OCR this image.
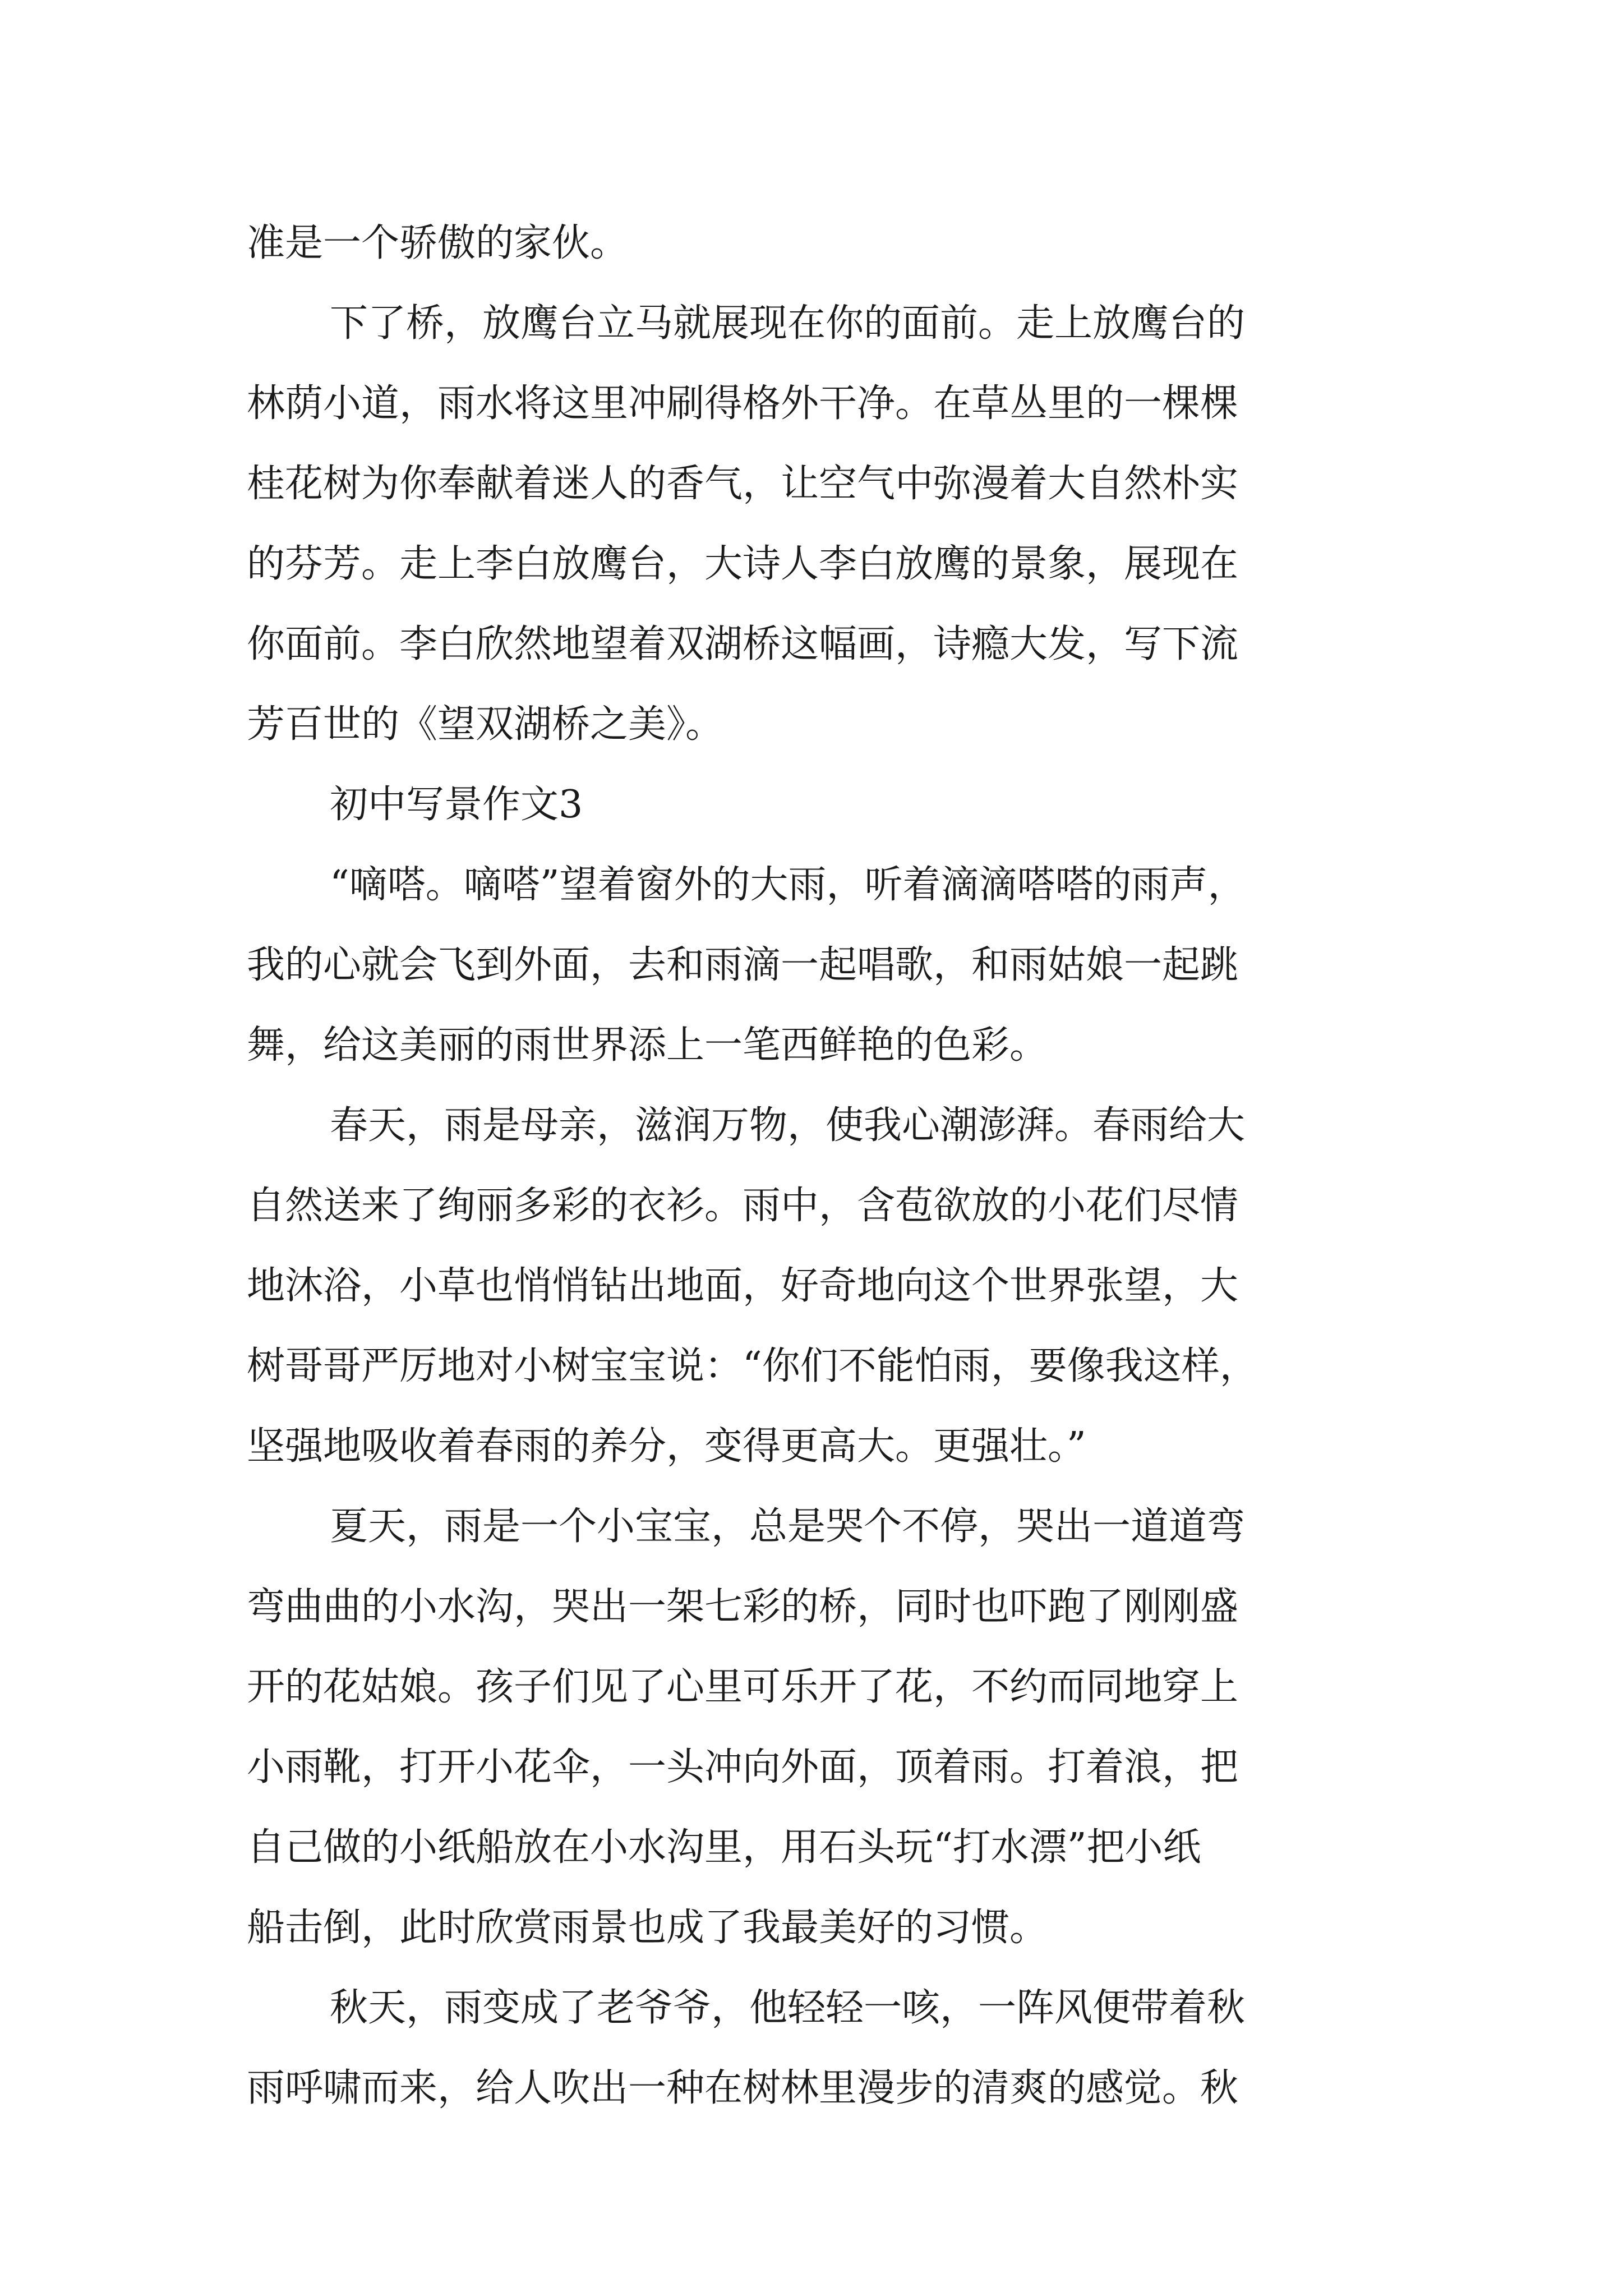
准是一个骄傲的家伙。
下了桥，放鹰台立马就展现在你的面前。走上放鹰台的
林荫小道，雨水将这里冲刷得格外干净。在草丛里的一棵棵
桂花树为你奉献着迷人的香气，让空气中弥漫着大自然朴实
的芬芳。走上李白放鹰台，大诗人李白放鹰的景象，展现在
你面前。李白欣然地望着双湖桥这幅画，诗瘾大发，写下流
芳百世的《望双湖桥之美》。
初中写景作文3
“嘀嗒。嘀嗒”望着窗外的大雨，听着滴滴嗒嗒的雨声，
我的心就会飞到外面，去和雨滴一起唱歌，和雨姑娘一起跳
舞，给这美丽的雨世界添上一笔西鲜艳的色彩。
春天，雨是母亲，滋润万物，使我心潮澎湃。春雨给大
自然送来了绚丽多彩的衣衫。雨中，含苞欲放的小花们尽情
地沐浴，小草也悄悄钻出地面，好奇地向这个世界张望，大
树哥哥严厉地对小树宝宝说：“你们不能怕雨，要像我这样，
坚强地吸收着春雨的养分，变得更高大。更强壮。”
夏天，雨是一个小宝宝，总是哭个不停，哭出一道道弯
弯曲曲的小水沟，哭出一架七彩的桥，同时也吓跑了刚刚盛
开的花姑娘。孩子们见了心里可乐开了花，不约而同地穿上
小雨靴，打开小花伞，一头冲向外面，顶着雨。打着浪，把
自己做的小纸船放在小水沟里，用石头玩“打水漂”把小纸
船击倒，此时欣赏雨景也成了我最美好的习惯。
秋天，雨变成了老爷爷，他轻轻一咳，一阵风便带着秋
雨呼啸而来，给人吹出一种在树林里漫步的清爽的感觉。秋
